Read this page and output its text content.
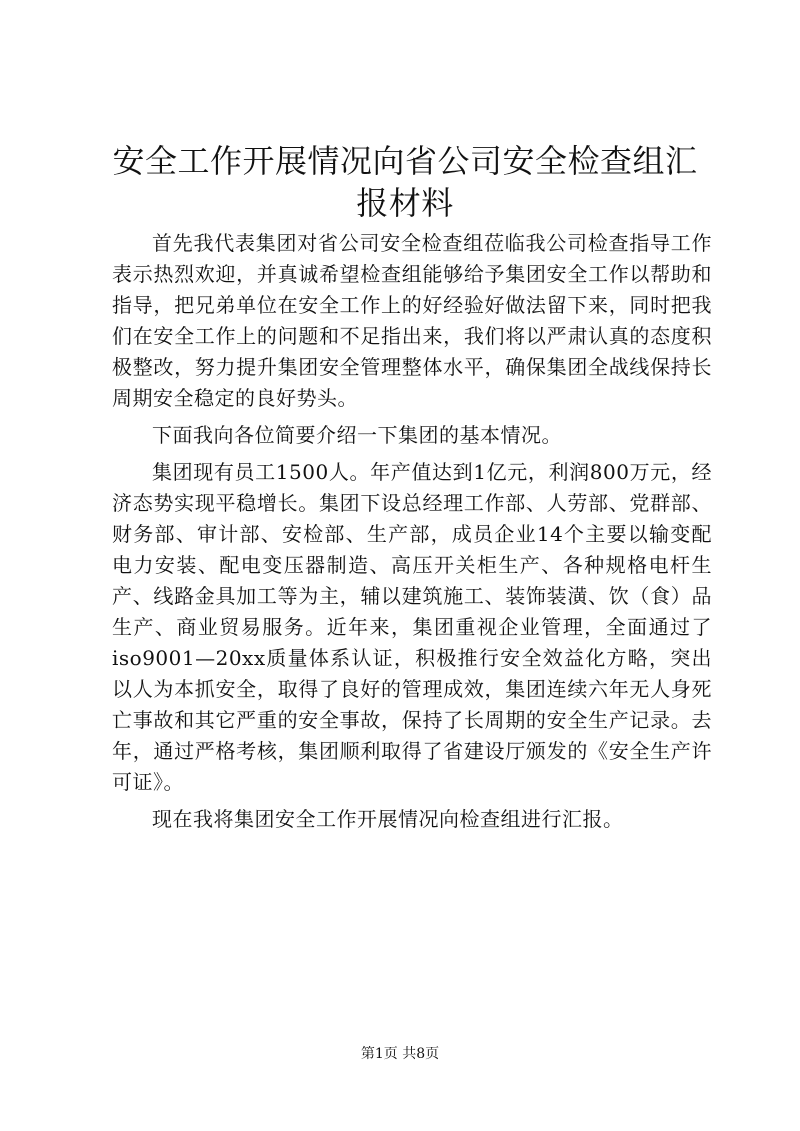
安全工作开展情况向省公司安全检查组汇报材料

首先我代表集团对省公司安全检查组莅临我公司检查指导工作表示热烈欢迎，并真诚希望检查组能够给予集团安全工作以帮助和指导，把兄弟单位在安全工作上的好经验好做法留下来，同时把我们在安全工作上的问题和不足指出来，我们将以严肃认真的态度积极整改，努力提升集团安全管理整体水平，确保集团全战线保持长周期安全稳定的良好势头。

下面我向各位简要介绍一下集团的基本情况。

集团现有员工1500人。年产值达到1亿元，利润800万元，经济态势实现平稳增长。集团下设总经理工作部、人劳部、党群部、财务部、审计部、安检部、生产部，成员企业14个主要以输变配电力安装、配电变压器制造、高压开关柜生产、各种规格电杆生产、线路金具加工等为主，辅以建筑施工、装饰装潢、饮（食）品生产、商业贸易服务。近年来，集团重视企业管理，全面通过了iso9001—20xx质量体系认证，积极推行安全效益化方略，突出以人为本抓安全，取得了良好的管理成效，集团连续六年无人身死亡事故和其它严重的安全事故，保持了长周期的安全生产记录。去年，通过严格考核，集团顺利取得了省建设厅颁发的《安全生产许可证》。

现在我将集团安全工作开展情况向检查组进行汇报。

第1页 共8页
